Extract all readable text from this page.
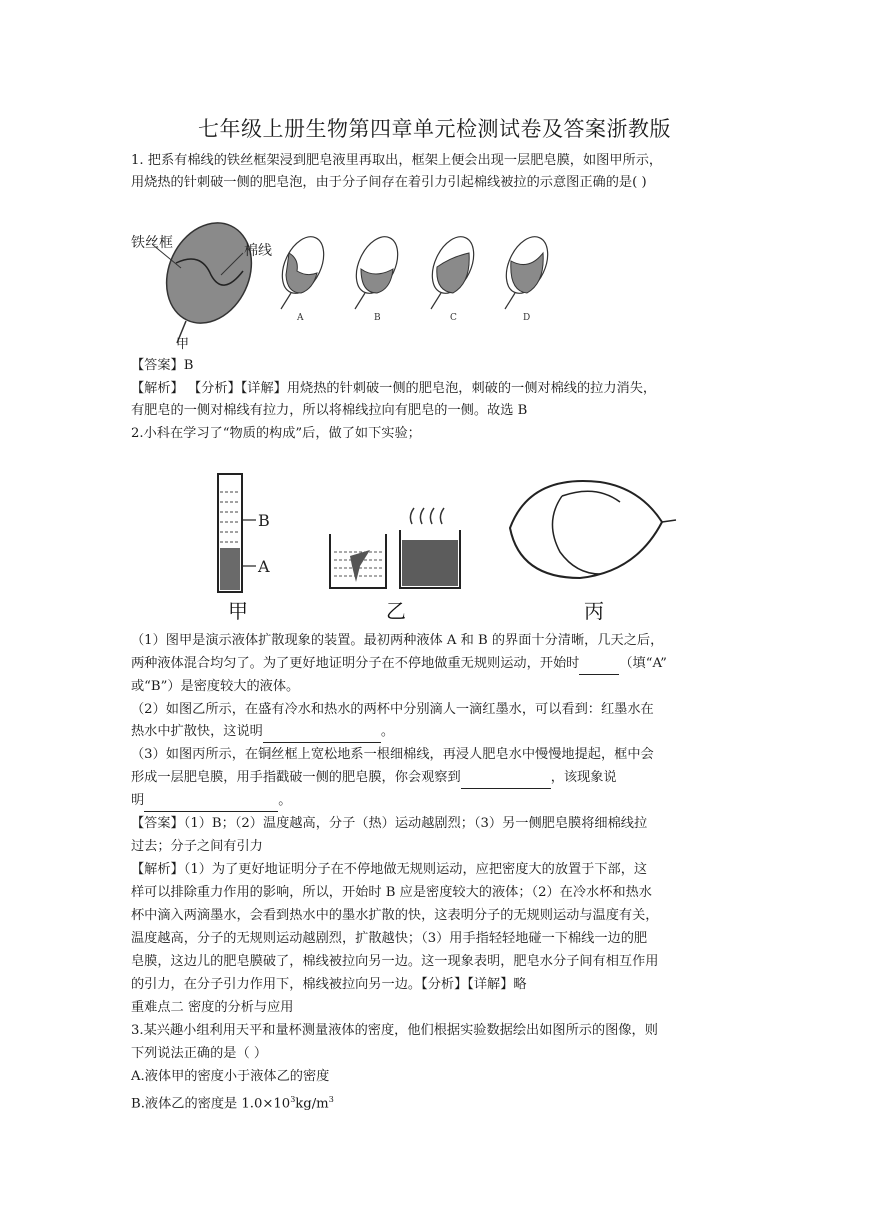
七年级上册生物第四章单元检测试卷及答案浙教版

1. 把系有棉线的铁丝框架浸到肥皂液里再取出，框架上便会出现一层肥皂膜，如图甲所示，

用烧热的针刺破一侧的肥皂泡，由于分子间存在着引力引起棉线被拉的示意图正确的是( )

铁丝框	棉线
A	B	C	D
甲

【答案】B

【解析】 【分析】【详解】用烧热的针刺破一侧的肥皂泡，刺破的一侧对棉线的拉力消失，

有肥皂的一侧对棉线有拉力，所以将棉线拉向有肥皂的一侧。故选 B

2.小科在学习了“物质的构成”后，做了如下实验；

B
A
甲	乙	丙

（1）图甲是演示液体扩散现象的装置。最初两种液体 A 和 B 的界面十分清晰，几天之后，

两种液体混合均匀了。为了更好地证明分子在不停地做重无规则运动，开始时	（填“A”

或“B”）是密度较大的液体。

（2）如图乙所示，在盛有冷水和热水的两杯中分别滴人一滴红墨水，可以看到：红墨水在

热水中扩散快，这说明	。

（3）如图丙所示，在铜丝框上宽松地系一根细棉线，再浸人肥皂水中慢慢地提起，框中会

形成一层肥皂膜，用手指戳破一侧的肥皂膜，你会观察到	，该现象说

明	。

【答案】（1）B；（2）温度越高，分子（热）运动越剧烈；（3）另一侧肥皂膜将细棉线拉

过去；分子之间有引力

【解析】（1）为了更好地证明分子在不停地做无规则运动，应把密度大的放置于下部，这

样可以排除重力作用的影响，所以，开始时 B 应是密度较大的液体；（2）在冷水杯和热水

杯中滴入两滴墨水，会看到热水中的墨水扩散的快，这表明分子的无规则运动与温度有关，

温度越高，分子的无规则运动越剧烈，扩散越快；（3）用手指轻轻地碰一下棉线一边的肥

皂膜，这边儿的肥皂膜破了，棉线被拉向另一边。这一现象表明，肥皂水分子间有相互作用

的引力，在分子引力作用下，棉线被拉向另一边。【分析】【详解】略

重难点二 密度的分析与应用

3.某兴趣小组利用天平和量杯测量液体的密度，他们根据实验数据绘出如图所示的图像，则

下列说法正确的是（ ）

A.液体甲的密度小于液体乙的密度

B.液体乙的密度是 $1.0\times 10^3kg/m^3$
